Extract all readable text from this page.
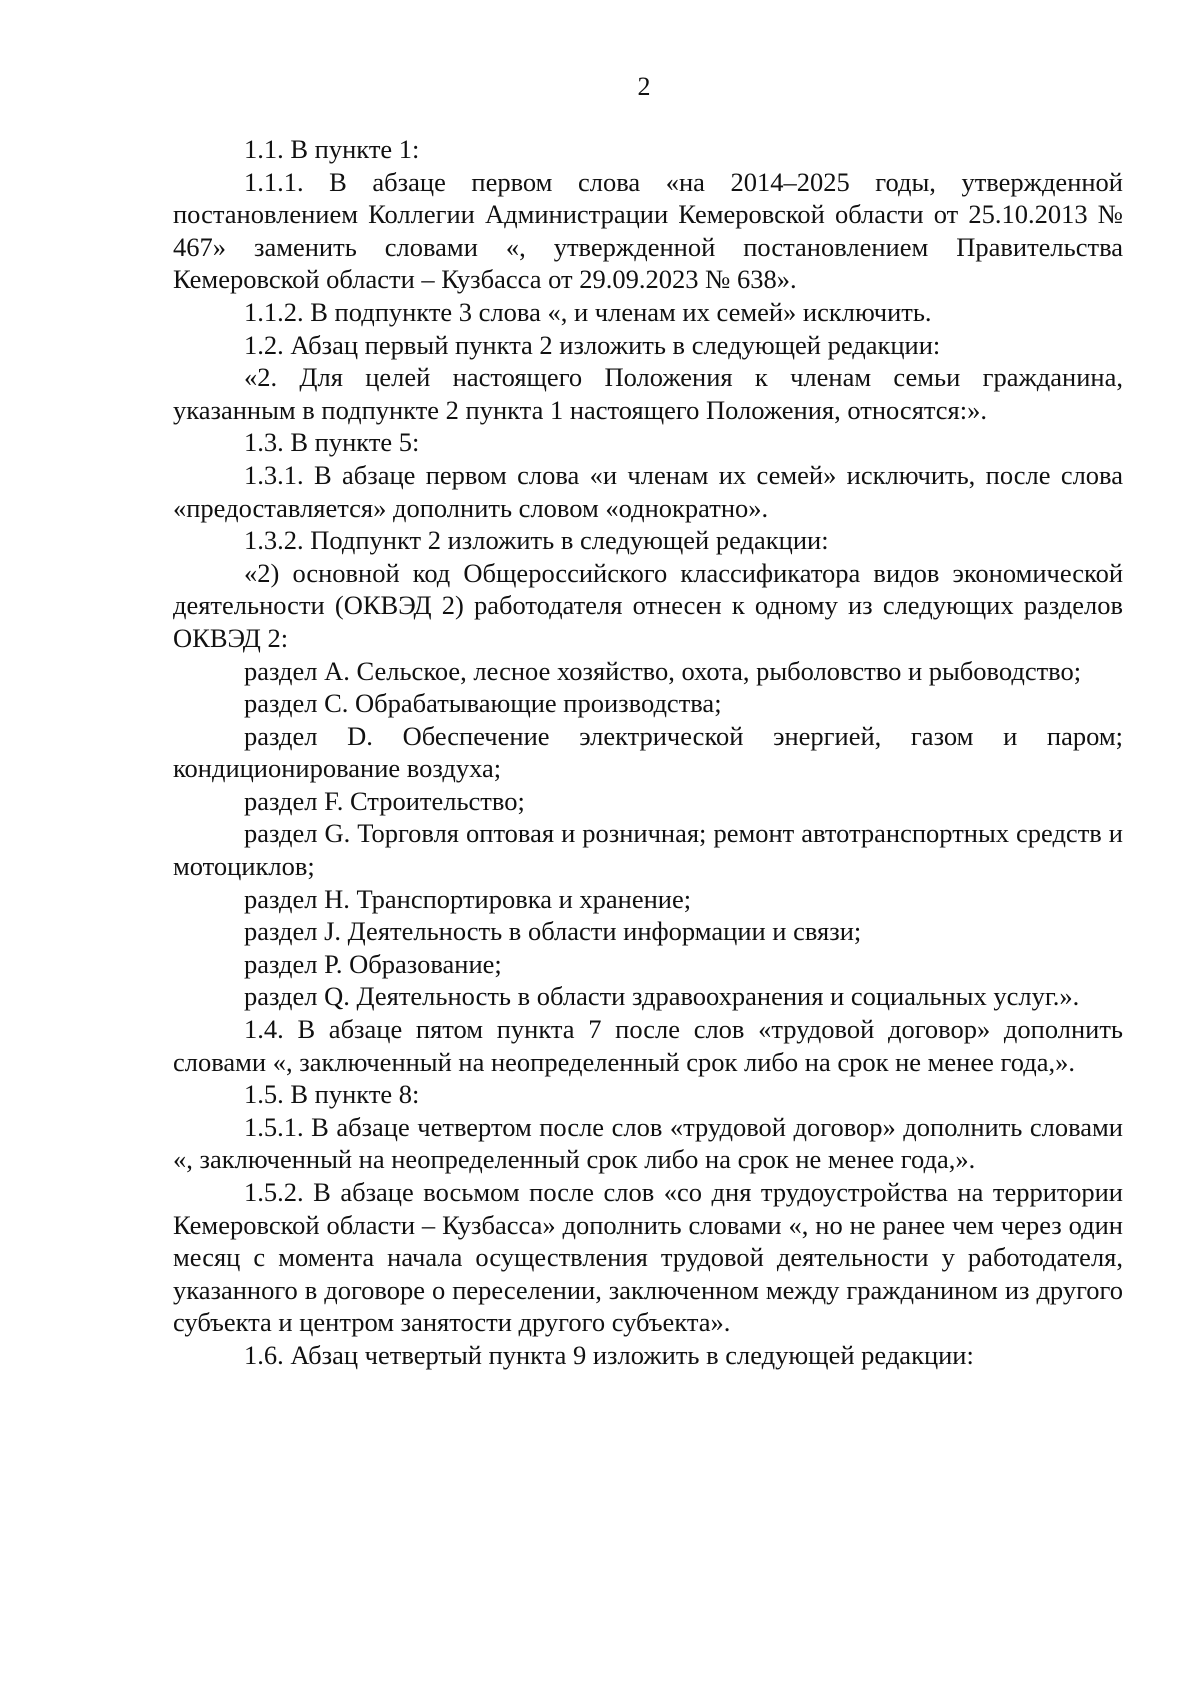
2

1.1. В пункте 1:

1.1.1. В абзаце первом слова «на 2014–2025 годы, утвержденной постановлением Коллегии Администрации Кемеровской области от 25.10.2013 № 467» заменить словами «, утвержденной постановлением Правительства Кемеровской области – Кузбасса от 29.09.2023 № 638».

1.1.2. В подпункте 3 слова «, и членам их семей» исключить.

1.2. Абзац первый пункта 2 изложить в следующей редакции:

«2. Для целей настоящего Положения к членам семьи гражданина, указанным в подпункте 2 пункта 1 настоящего Положения, относятся:».

1.3. В пункте 5:

1.3.1. В абзаце первом слова «и членам их семей» исключить, после слова «предоставляется» дополнить словом «однократно».

1.3.2. Подпункт 2 изложить в следующей редакции:

«2) основной код Общероссийского классификатора видов экономической деятельности (ОКВЭД 2) работодателя отнесен к одному из следующих разделов ОКВЭД 2:

раздел A. Сельское, лесное хозяйство, охота, рыболовство и рыбоводство;

раздел C. Обрабатывающие производства;

раздел D. Обеспечение электрической энергией, газом и паром; кондиционирование воздуха;

раздел F. Строительство;

раздел G. Торговля оптовая и розничная; ремонт автотранспортных средств и мотоциклов;

раздел H. Транспортировка и хранение;

раздел J. Деятельность в области информации и связи;

раздел P. Образование;

раздел Q. Деятельность в области здравоохранения и социальных услуг.».

1.4. В абзаце пятом пункта 7 после слов «трудовой договор» дополнить словами «, заключенный на неопределенный срок либо на срок не менее года,».

1.5. В пункте 8:

1.5.1. В абзаце четвертом после слов «трудовой договор» дополнить словами «, заключенный на неопределенный срок либо на срок не менее года,».

1.5.2. В абзаце восьмом после слов «со дня трудоустройства на территории Кемеровской области – Кузбасса» дополнить словами «, но не ранее чем через один месяц с момента начала осуществления трудовой деятельности у работодателя, указанного в договоре о переселении, заключенном между гражданином из другого субъекта и центром занятости другого субъекта».

1.6. Абзац четвертый пункта 9 изложить в следующей редакции:
